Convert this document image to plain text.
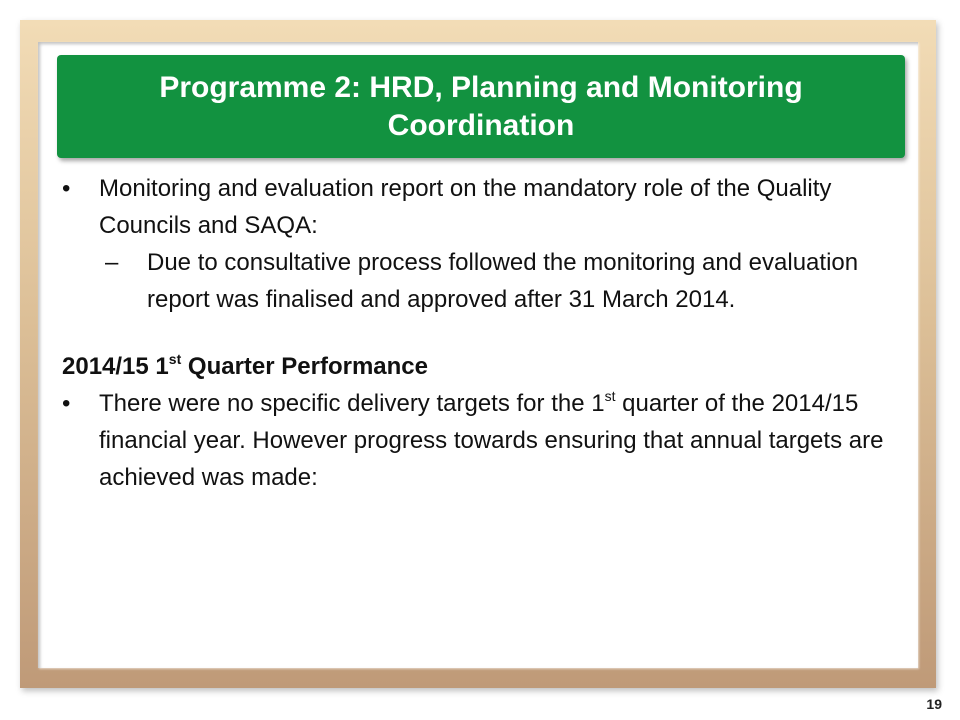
Programme 2: HRD, Planning and Monitoring Coordination
• Monitoring and evaluation report on the mandatory role of the Quality Councils and SAQA:
– Due to consultative process followed the monitoring and evaluation report was finalised and approved after 31 March 2014.
2014/15 1st Quarter Performance
• There were no specific delivery targets for the 1st quarter of the 2014/15 financial year. However progress towards ensuring that annual targets are achieved was made:
19
